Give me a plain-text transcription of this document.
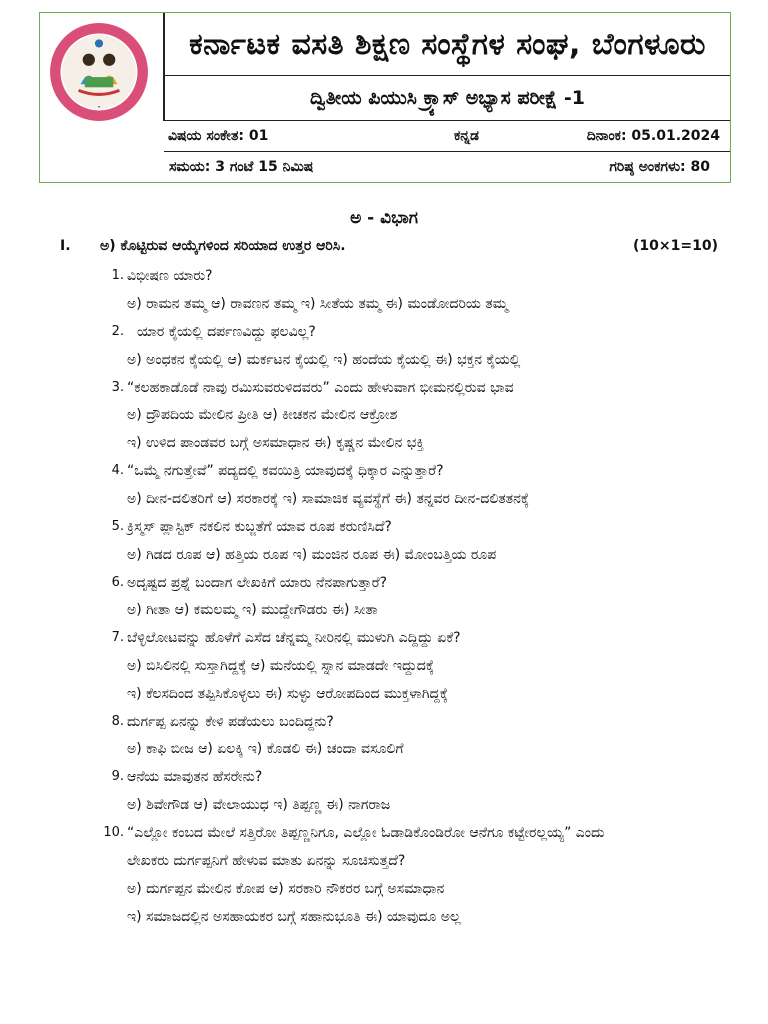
•
ಕರ್ನಾಟಕ ವಸತಿ ಶಿಕ್ಷಣ ಸಂಸ್ಥೆಗಳ ಸಂಘ, ಬೆಂಗಳೂರು
ದ್ವಿತೀಯ ಪಿಯುಸಿ ಕ್ರ್ಯಾಸ್ ಅಭ್ಯಾಸ ಪರೀಕ್ಷೆ -1
ವಿಷಯ ಸಂಕೇತ: 01	ಕನ್ನಡ	ದಿನಾಂಕ: 05.01.2024
ಸಮಯ: 3 ಗಂಟೆ 15 ನಿಮಿಷ	ಗರಿಷ್ಠ ಅಂಕಗಳು: 80
ಅ - ವಿಭಾಗ
I. ಅ) ಕೊಟ್ಟಿರುವ ಆಯ್ಕೆಗಳಿಂದ ಸರಿಯಾದ ಉತ್ತರ ಆರಿಸಿ.	(10×1=10)
1. ವಿಭೀಷಣ ಯಾರು?
ಅ) ರಾಮನ ತಮ್ಮ ಆ) ರಾವಣನ ತಮ್ಮ ಇ) ಸೀತೆಯ ತಮ್ಮ ಈ) ಮಂಡೋದರಿಯ ತಮ್ಮ
2. ಯಾರ ಕೈಯಲ್ಲಿ ದರ್ಪಣವಿದ್ದು ಫಲವಿಲ್ಲ?
ಅ) ಅಂಧಕನ ಕೈಯಲ್ಲಿ ಆ) ಮರ್ಕಟನ ಕೈಯಲ್ಲಿ ಇ) ಹಂದೆಯ ಕೈಯಲ್ಲಿ ಈ) ಭಕ್ತನ ಕೈಯಲ್ಲಿ
3. “ಕಲಹಕಾಡೊಡೆ ನಾವು ರಮಿಸುವರುಳಿದವರು” ಎಂದು ಹೇಳುವಾಗ ಭೀಮನಲ್ಲಿರುವ ಭಾವ
ಅ) ದ್ರೌಪದಿಯ ಮೇಲಿನ ಪ್ರೀತಿ ಆ) ಕೀಚಕನ ಮೇಲಿನ ಆಕ್ರೋಶ
ಇ) ಉಳಿದ ಪಾಂಡವರ ಬಗ್ಗೆ ಅಸಮಾಧಾನ ಈ) ಕೃಷ್ಣನ ಮೇಲಿನ ಭಕ್ತಿ
4. “ಒಮ್ಮೆ ನಗುತ್ತೇವೆ” ಪದ್ಯದಲ್ಲಿ ಕವಯಿತ್ರಿ ಯಾವುದಕ್ಕೆ ಧಿಕ್ಕಾರ ಎನ್ನುತ್ತಾರೆ?
ಅ) ದೀನ-ದಲಿತರಿಗೆ ಆ) ಸರಕಾರಕ್ಕೆ ಇ) ಸಾಮಾಜಿಕ ವ್ಯವಸ್ಥೆಗೆ ಈ) ತನ್ನವರ ದೀನ-ದಲಿತತನಕ್ಕೆ
5. ಕ್ರಿಸ್ಮಸ್ ಪ್ಲಾಸ್ಟಿಕ್ ನಕಲಿನ ಕುಬ್ಜತೆಗೆ ಯಾವ ರೂಪ ಕರುಣಿಸಿದೆ?
ಅ) ಗಿಡದ ರೂಪ ಆ) ಹತ್ತಿಯ ರೂಪ ಇ) ಮಂಜಿನ ರೂಪ ಈ) ಮೋಂಬತ್ತಿಯ ರೂಪ
6. ಅದೃಷ್ಟದ ಪ್ರಶ್ನೆ ಬಂದಾಗ ಲೇಖಕಿಗೆ ಯಾರು ನೆನಪಾಗುತ್ತಾರೆ?
ಅ) ಗೀತಾ ಆ) ಕಮಲಮ್ಮ ಇ) ಮುದ್ದೇಗೌಡರು ಈ) ಸೀತಾ
7. ಬೆಳ್ಳಿಲೋಟವನ್ನು ಹೊಳೆಗೆ ಎಸೆದ ಚೆನ್ನಮ್ಮ ನೀರಿನಲ್ಲಿ ಮುಳುಗಿ ಎದ್ದಿದ್ದು ಏಕೆ?
ಅ) ಬಿಸಿಲಿನಲ್ಲಿ ಸುಸ್ತಾಗಿದ್ದಕ್ಕೆ ಆ) ಮನೆಯಲ್ಲಿ ಸ್ನಾನ ಮಾಡದೇ ಇದ್ದುದಕ್ಕೆ
ಇ) ಕೆಲಸದಿಂದ ತಪ್ಪಿಸಿಕೊಳ್ಳಲು ಈ) ಸುಳ್ಳು ಆರೋಪದಿಂದ ಮುಕ್ತಳಾಗಿದ್ದಕ್ಕೆ
8. ದುರ್ಗಪ್ಪ ಏನನ್ನು ಕೇಳಿ ಪಡೆಯಲು ಬಂದಿದ್ದನು?
ಅ) ಕಾಫಿ ಬೀಜ ಆ) ಏಲಕ್ಕಿ ಇ) ಕೊಡಲಿ ಈ) ಚಂದಾ ವಸೂಲಿಗೆ
9. ಆನೆಯ ಮಾವುತನ ಹೆಸರೇನು?
ಅ) ಶಿವೇಗೌಡ ಆ) ವೇಲಾಯುಧ ಇ) ತಿಪ್ಪಣ್ಣ ಈ) ನಾಗರಾಜ
10. “ಎಲ್ಲೋ ಕಂಬದ ಮೇಲೆ ಸತ್ತಿರೋ ತಿಪ್ಪಣ್ಣನಿಗೂ, ಎಲ್ಲೋ ಓಡಾಡಿಕೊಂಡಿರೋ ಆನೆಗೂ ಕಟ್ಟೇರಲ್ಲಯ್ಯ” ಎಂದು
ಲೇಖಕರು ದುರ್ಗಪ್ಪನಿಗೆ ಹೇಳುವ ಮಾತು ಏನನ್ನು ಸೂಚಿಸುತ್ತದೆ?
ಅ) ದುರ್ಗಪ್ಪನ ಮೇಲಿನ ಕೋಪ ಆ) ಸರಕಾರಿ ನೌಕರರ ಬಗ್ಗೆ ಅಸಮಾಧಾನ
ಇ) ಸಮಾಜದಲ್ಲಿನ ಅಸಹಾಯಕರ ಬಗ್ಗೆ ಸಹಾನುಭೂತಿ ಈ) ಯಾವುದೂ ಅಲ್ಲ
